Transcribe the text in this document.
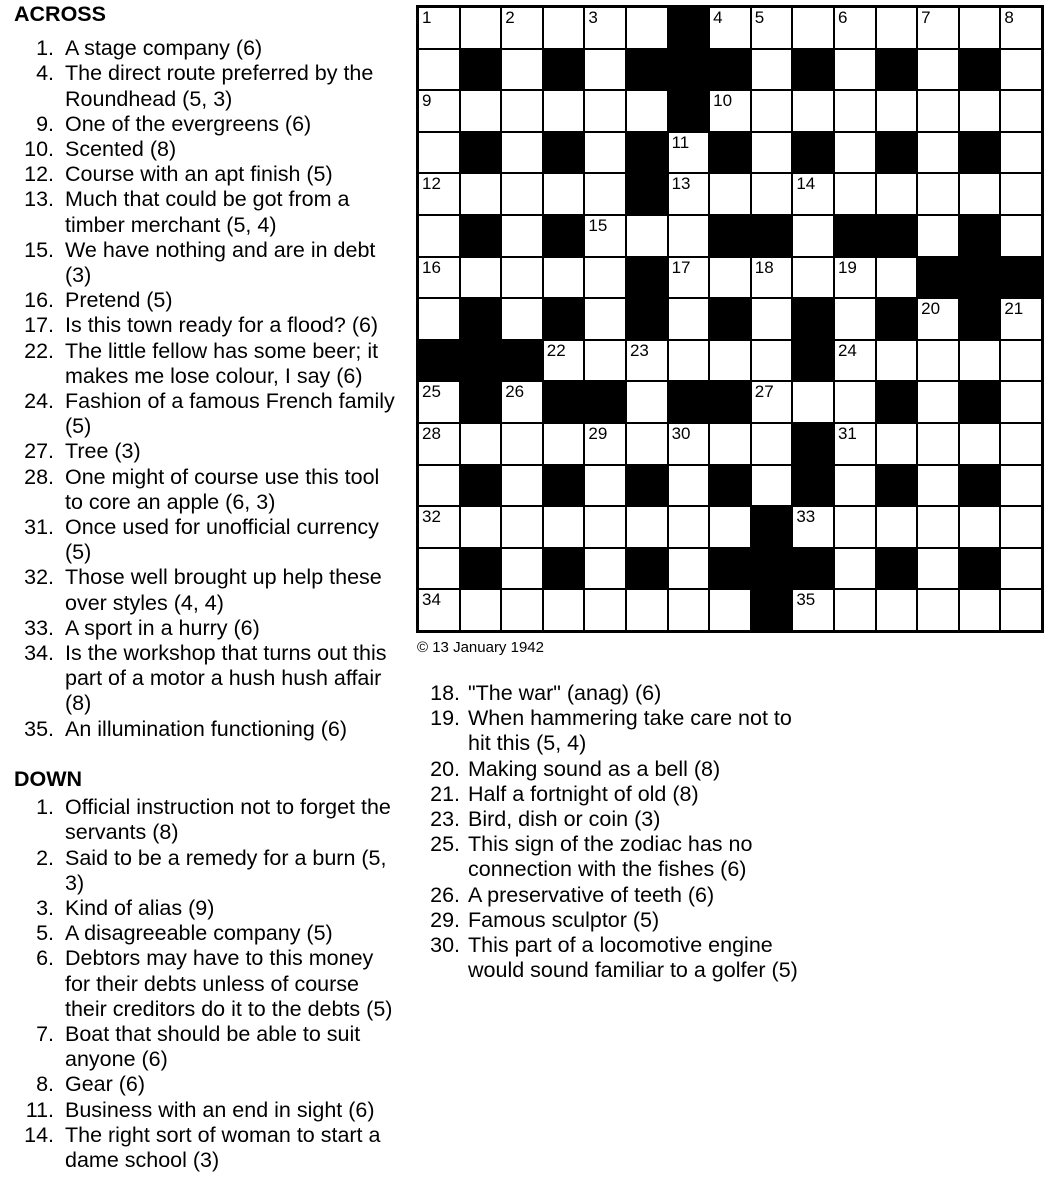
ACROSS
1. A stage company (6)
4. The direct route preferred by the Roundhead (5, 3)
9. One of the evergreens (6)
10. Scented (8)
12. Course with an apt finish (5)
13. Much that could be got from a timber merchant (5, 4)
15. We have nothing and are in debt (3)
16. Pretend (5)
17. Is this town ready for a flood? (6)
22. The little fellow has some beer; it makes me lose colour, I say (6)
24. Fashion of a famous French family (5)
27. Tree (3)
28. One might of course use this tool to core an apple (6, 3)
31. Once used for unofficial currency (5)
32. Those well brought up help these over styles (4, 4)
33. A sport in a hurry (6)
34. Is the workshop that turns out this part of a motor a hush hush affair (8)
35. An illumination functioning (6)
DOWN
1. Official instruction not to forget the servants (8)
2. Said to be a remedy for a burn (5, 3)
3. Kind of alias (9)
5. A disagreeable company (5)
6. Debtors may have to this money for their debts unless of course their creditors do it to the debts (5)
7. Boat that should be able to suit anyone (6)
8. Gear (6)
11. Business with an end in sight (6)
14. The right sort of woman to start a dame school (3)
1	2	3	4 5	6	7	8
9	10
11
12	13	14
15
16	17	18	19
20	21
22	23	24
25	26	27
28	29	30	31
32	33
34	35
© 13 January 1942
18. "The war" (anag) (6)
19. When hammering take care not to hit this (5, 4)
20. Making sound as a bell (8)
21. Half a fortnight of old (8)
23. Bird, dish or coin (3)
25. This sign of the zodiac has no connection with the fishes (6)
26. A preservative of teeth (6)
29. Famous sculptor (5)
30. This part of a locomotive engine would sound familiar to a golfer (5)
